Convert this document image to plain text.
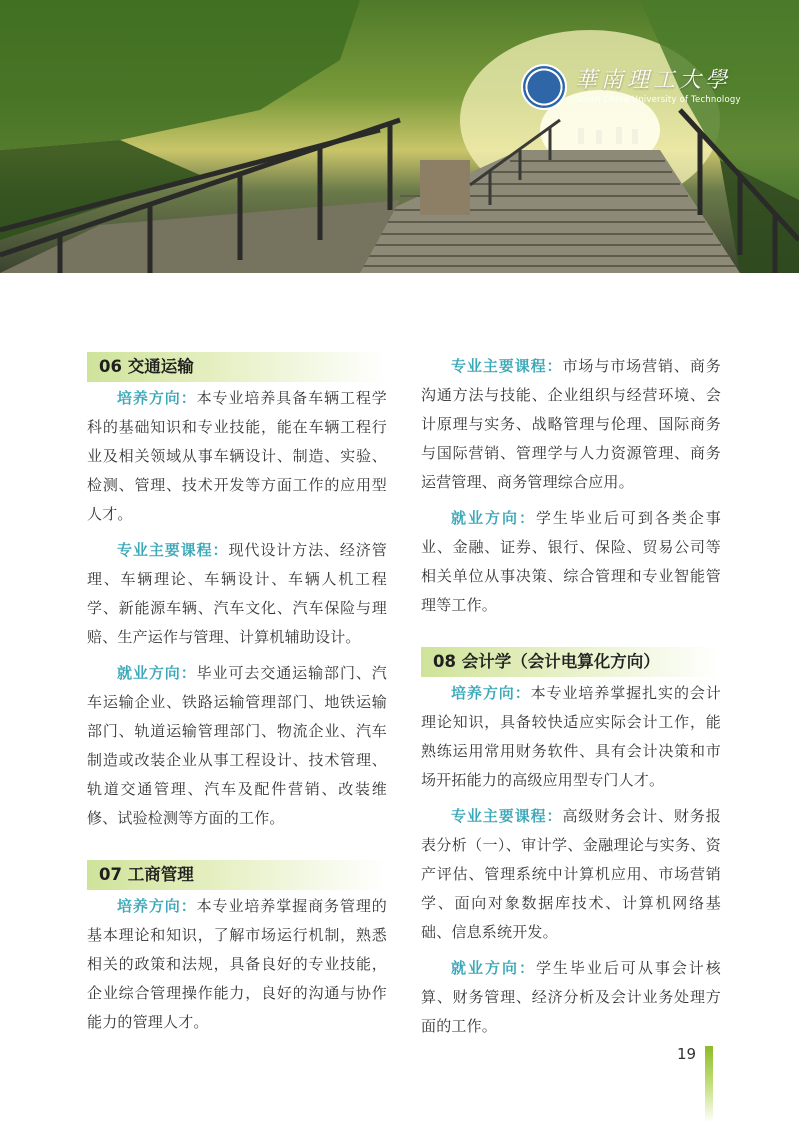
華南理工大學
South China University of Technology
06 交通运输

培养方向：本专业培养具备车辆工程学科的基础知识和专业技能，能在车辆工程行业及相关领域从事车辆设计、制造、实验、检测、管理、技术开发等方面工作的应用型人才。

专业主要课程：现代设计方法、经济管理、车辆理论、车辆设计、车辆人机工程学、新能源车辆、汽车文化、汽车保险与理赔、生产运作与管理、计算机辅助设计。

就业方向：毕业可去交通运输部门、汽车运输企业、铁路运输管理部门、地铁运输部门、轨道运输管理部门、物流企业、汽车制造或改装企业从事工程设计、技术管理、轨道交通管理、汽车及配件营销、改装维修、试验检测等方面的工作。

07 工商管理

培养方向：本专业培养掌握商务管理的基本理论和知识，了解市场运行机制，熟悉相关的政策和法规，具备良好的专业技能，企业综合管理操作能力，良好的沟通与协作能力的管理人才。

专业主要课程：市场与市场营销、商务沟通方法与技能、企业组织与经营环境、会计原理与实务、战略管理与伦理、国际商务与国际营销、管理学与人力资源管理、商务运营管理、商务管理综合应用。

就业方向：学生毕业后可到各类企事业、金融、证券、银行、保险、贸易公司等相关单位从事决策、综合管理和专业智能管理等工作。

08 会计学（会计电算化方向）

培养方向：本专业培养掌握扎实的会计理论知识，具备较快适应实际会计工作，能熟练运用常用财务软件、具有会计决策和市场开拓能力的高级应用型专门人才。

专业主要课程：高级财务会计、财务报表分析（一）、审计学、金融理论与实务、资产评估、管理系统中计算机应用、市场营销学、面向对象数据库技术、计算机网络基础、信息系统开发。

就业方向：学生毕业后可从事会计核算、财务管理、经济分析及会计业务处理方面的工作。

19
